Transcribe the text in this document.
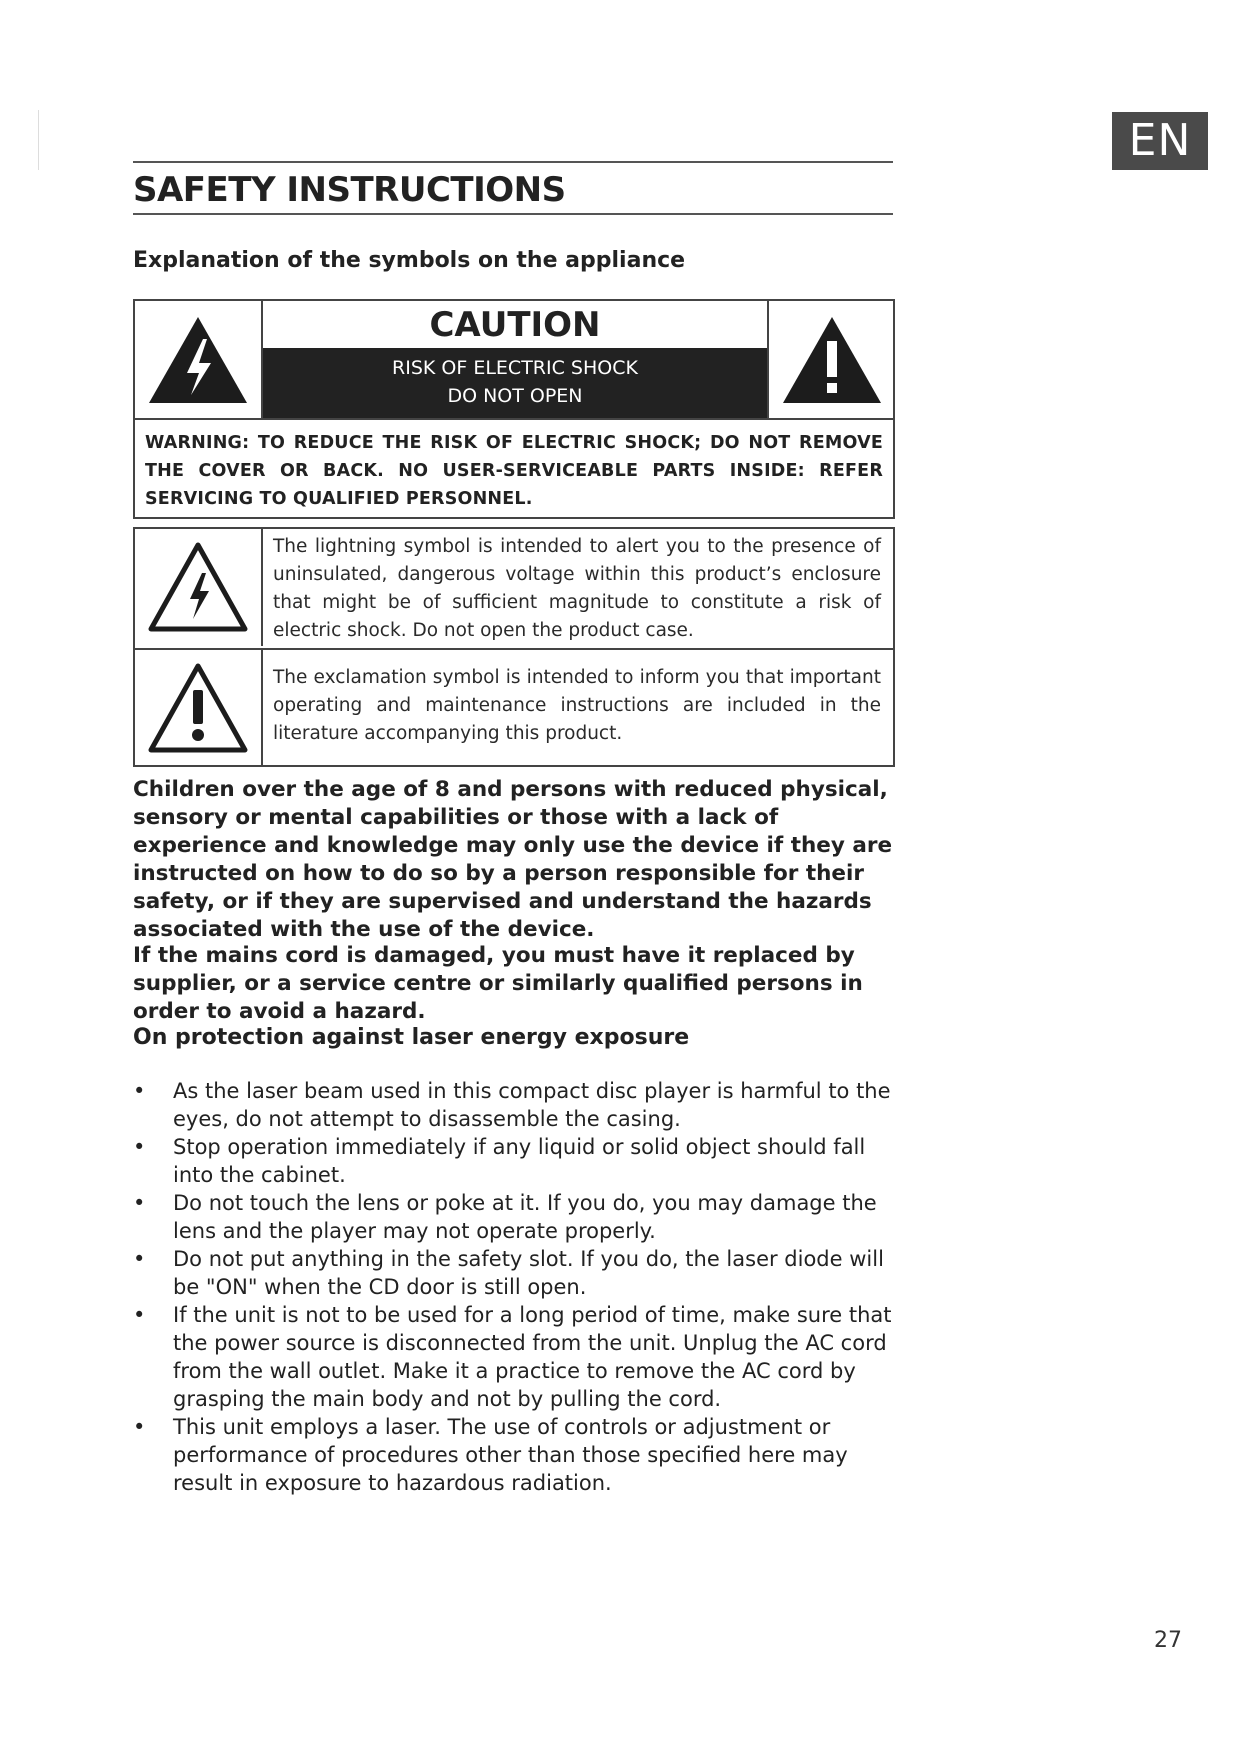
EN
SAFETY INSTRUCTIONS
Explanation of the symbols on the appliance
CAUTION
RISK OF ELECTRIC SHOCK
DO NOT OPEN
WARNING: TO REDUCE THE RISK OF ELECTRIC SHOCK; DO NOT REMOVE THE COVER OR BACK. NO USER-SERVICEABLE PARTS INSIDE: REFER SERVICING TO QUALIFIED PERSONNEL.
The lightning symbol is intended to alert you to the presence of uninsulated, dangerous voltage within this product’s enclosure that might be of sufficient magnitude to constitute a risk of electric shock. Do not open the product case.
The exclamation symbol is intended to inform you that important operating and maintenance instructions are included in the literature accompanying this product.
Children over the age of 8 and persons with reduced physical, sensory or mental capabilities or those with a lack of experience and knowledge may only use the device if they are instructed on how to do so by a person responsible for their safety, or if they are supervised and understand the hazards associated with the use of the device.
If the mains cord is damaged, you must have it replaced by supplier, or a service centre or similarly qualified persons in order to avoid a hazard.
On protection against laser energy exposure
•	As the laser beam used in this compact disc player is harmful to the eyes, do not attempt to disassemble the casing.
•	Stop operation immediately if any liquid or solid object should fall into the cabinet.
•	Do not touch the lens or poke at it. If you do, you may damage the lens and the player may not operate properly.
•	Do not put anything in the safety slot. If you do, the laser diode will be "ON" when the CD door is still open.
•	If the unit is not to be used for a long period of time, make sure that the power source is disconnected from the unit. Unplug the AC cord from the wall outlet. Make it a practice to remove the AC cord by grasping the main body and not by pulling the cord.
•	This unit employs a laser. The use of controls or adjustment or performance of procedures other than those specified here may result in exposure to hazardous radiation.
27
